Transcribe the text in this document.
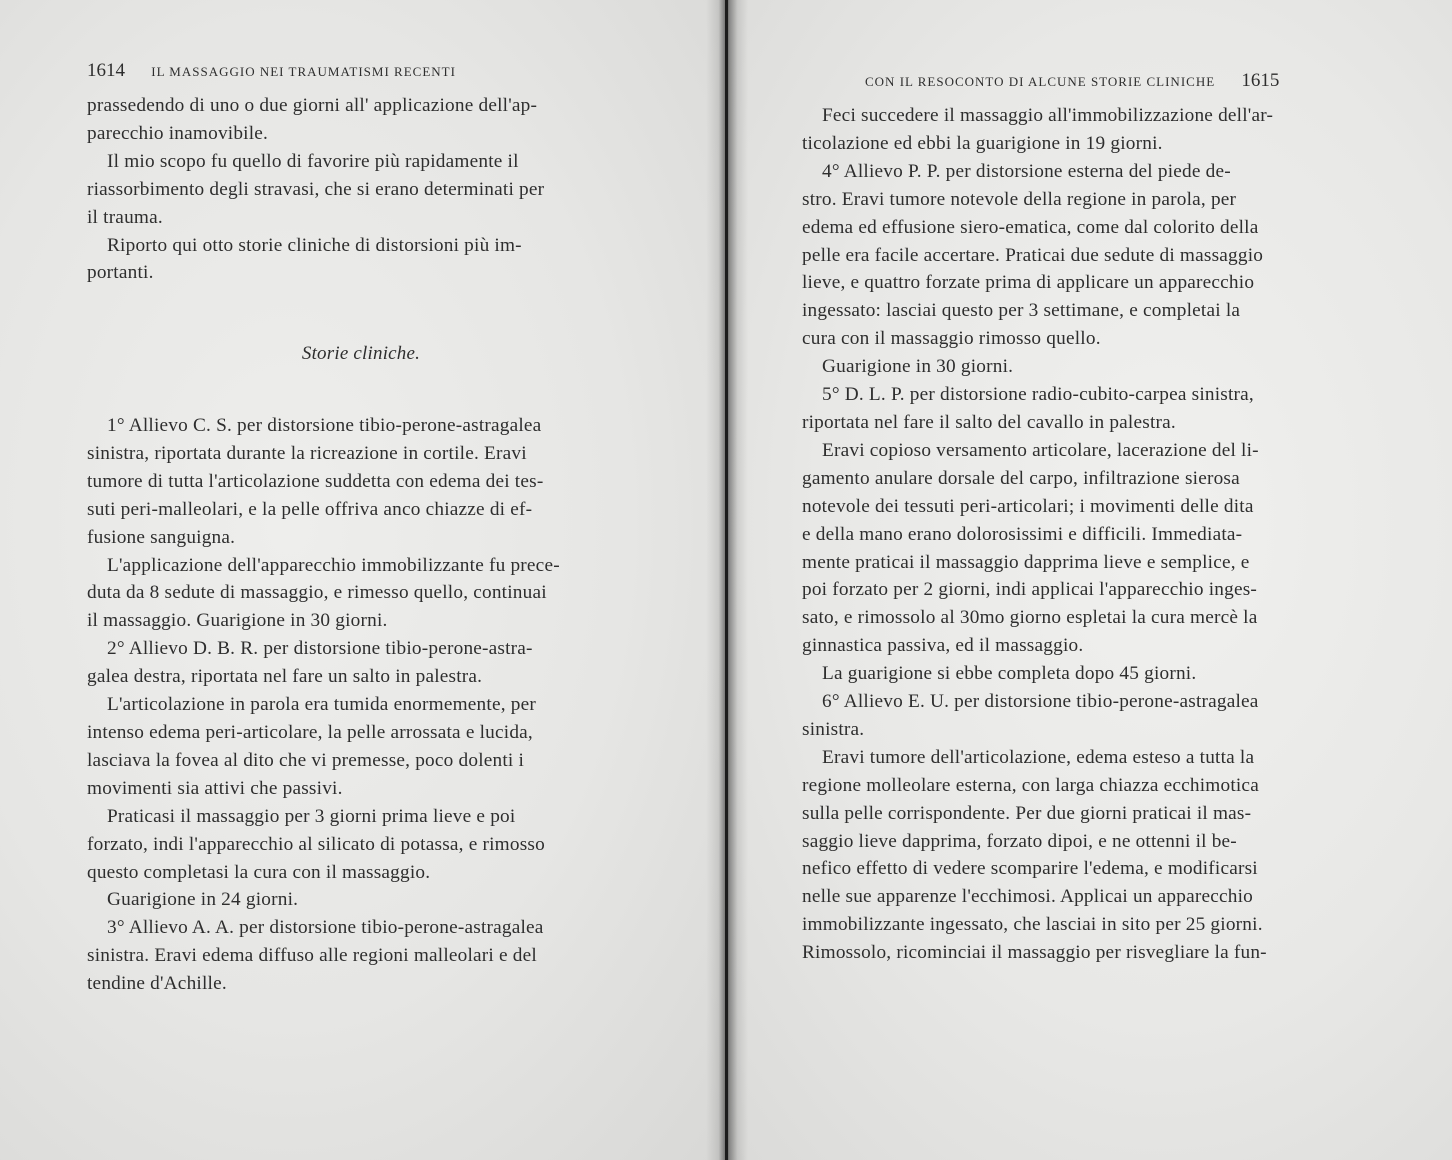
1614 IL MASSAGGIO NEI TRAUMATISMI RECENTI

prassedendo di uno o due giorni all' applicazione dell'ap-

parecchio inamovibile.

Il mio scopo fu quello di favorire più rapidamente il

riassorbimento degli stravasi, che si erano determinati per

il trauma.

Riporto qui otto storie cliniche di distorsioni più im-

portanti.

Storie cliniche.

1° Allievo C. S. per distorsione tibio-perone-astragalea

sinistra, riportata durante la ricreazione in cortile. Eravi

tumore di tutta l'articolazione suddetta con edema dei tes-

suti peri-malleolari, e la pelle offriva anco chiazze di ef-

fusione sanguigna.

L'applicazione dell'apparecchio immobilizzante fu prece-

duta da 8 sedute di massaggio, e rimesso quello, continuai

il massaggio. Guarigione in 30 giorni.

2° Allievo D. B. R. per distorsione tibio-perone-astra-

galea destra, riportata nel fare un salto in palestra.

L'articolazione in parola era tumida enormemente, per

intenso edema peri-articolare, la pelle arrossata e lucida,

lasciava la fovea al dito che vi premesse, poco dolenti i

movimenti sia attivi che passivi.

Praticasi il massaggio per 3 giorni prima lieve e poi

forzato, indi l'apparecchio al silicato di potassa, e rimosso

questo completasi la cura con il massaggio.

Guarigione in 24 giorni.

3° Allievo A. A. per distorsione tibio-perone-astragalea

sinistra. Eravi edema diffuso alle regioni malleolari e del

tendine d'Achille.

CON IL RESOCONTO DI ALCUNE STORIE CLINICHE 1615

Feci succedere il massaggio all'immobilizzazione dell'ar-

ticolazione ed ebbi la guarigione in 19 giorni.

4° Allievo P. P. per distorsione esterna del piede de-

stro. Eravi tumore notevole della regione in parola, per

edema ed effusione siero-ematica, come dal colorito della

pelle era facile accertare. Praticai due sedute di massaggio

lieve, e quattro forzate prima di applicare un apparecchio

ingessato: lasciai questo per 3 settimane, e completai la

cura con il massaggio rimosso quello.

Guarigione in 30 giorni.

5° D. L. P. per distorsione radio-cubito-carpea sinistra,

riportata nel fare il salto del cavallo in palestra.

Eravi copioso versamento articolare, lacerazione del li-

gamento anulare dorsale del carpo, infiltrazione sierosa

notevole dei tessuti peri-articolari; i movimenti delle dita

e della mano erano dolorosissimi e difficili. Immediata-

mente praticai il massaggio dapprima lieve e semplice, e

poi forzato per 2 giorni, indi applicai l'apparecchio inges-

sato, e rimossolo al 30mo giorno espletai la cura mercè la

ginnastica passiva, ed il massaggio.

La guarigione si ebbe completa dopo 45 giorni.

6° Allievo E. U. per distorsione tibio-perone-astragalea

sinistra.

Eravi tumore dell'articolazione, edema esteso a tutta la

regione molleolare esterna, con larga chiazza ecchimotica

sulla pelle corrispondente. Per due giorni praticai il mas-

saggio lieve dapprima, forzato dipoi, e ne ottenni il be-

nefico effetto di vedere scomparire l'edema, e modificarsi

nelle sue apparenze l'ecchimosi. Applicai un apparecchio

immobilizzante ingessato, che lasciai in sito per 25 giorni.

Rimossolo, ricominciai il massaggio per risvegliare la fun-
